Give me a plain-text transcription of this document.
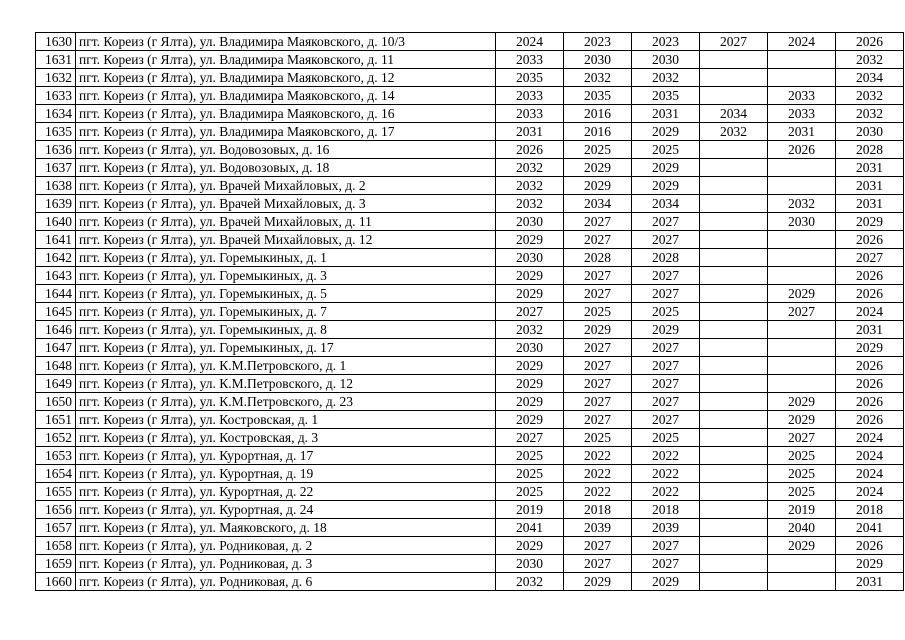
1630	пгт. Кореиз (г Ялта), ул. Владимира Маяковского, д. 10/3	2024	2023	2023	2027	2024	2026
1631	пгт. Кореиз (г Ялта), ул. Владимира Маяковского, д. 11	2033	2030	2030			2032
1632	пгт. Кореиз (г Ялта), ул. Владимира Маяковского, д. 12	2035	2032	2032			2034
1633	пгт. Кореиз (г Ялта), ул. Владимира Маяковского, д. 14	2033	2035	2035		2033	2032
1634	пгт. Кореиз (г Ялта), ул. Владимира Маяковского, д. 16	2033	2016	2031	2034	2033	2032
1635	пгт. Кореиз (г Ялта), ул. Владимира Маяковского, д. 17	2031	2016	2029	2032	2031	2030
1636	пгт. Кореиз (г Ялта), ул. Водовозовых, д. 16	2026	2025	2025		2026	2028
1637	пгт. Кореиз (г Ялта), ул. Водовозовых, д. 18	2032	2029	2029			2031
1638	пгт. Кореиз (г Ялта), ул. Врачей Михайловых, д. 2	2032	2029	2029			2031
1639	пгт. Кореиз (г Ялта), ул. Врачей Михайловых, д. 3	2032	2034	2034		2032	2031
1640	пгт. Кореиз (г Ялта), ул. Врачей Михайловых, д. 11	2030	2027	2027		2030	2029
1641	пгт. Кореиз (г Ялта), ул. Врачей Михайловых, д. 12	2029	2027	2027			2026
1642	пгт. Кореиз (г Ялта), ул. Горемыкиных, д. 1	2030	2028	2028			2027
1643	пгт. Кореиз (г Ялта), ул. Горемыкиных, д. 3	2029	2027	2027			2026
1644	пгт. Кореиз (г Ялта), ул. Горемыкиных, д. 5	2029	2027	2027		2029	2026
1645	пгт. Кореиз (г Ялта), ул. Горемыкиных, д. 7	2027	2025	2025		2027	2024
1646	пгт. Кореиз (г Ялта), ул. Горемыкиных, д. 8	2032	2029	2029			2031
1647	пгт. Кореиз (г Ялта), ул. Горемыкиных, д. 17	2030	2027	2027			2029
1648	пгт. Кореиз (г Ялта), ул. К.М.Петровского, д. 1	2029	2027	2027			2026
1649	пгт. Кореиз (г Ялта), ул. К.М.Петровского, д. 12	2029	2027	2027			2026
1650	пгт. Кореиз (г Ялта), ул. К.М.Петровского, д. 23	2029	2027	2027		2029	2026
1651	пгт. Кореиз (г Ялта), ул. Костровская, д. 1	2029	2027	2027		2029	2026
1652	пгт. Кореиз (г Ялта), ул. Костровская, д. 3	2027	2025	2025		2027	2024
1653	пгт. Кореиз (г Ялта), ул. Курортная, д. 17	2025	2022	2022		2025	2024
1654	пгт. Кореиз (г Ялта), ул. Курортная, д. 19	2025	2022	2022		2025	2024
1655	пгт. Кореиз (г Ялта), ул. Курортная, д. 22	2025	2022	2022		2025	2024
1656	пгт. Кореиз (г Ялта), ул. Курортная, д. 24	2019	2018	2018		2019	2018
1657	пгт. Кореиз (г Ялта), ул. Маяковского, д. 18	2041	2039	2039		2040	2041
1658	пгт. Кореиз (г Ялта), ул. Родниковая, д. 2	2029	2027	2027		2029	2026
1659	пгт. Кореиз (г Ялта), ул. Родниковая, д. 3	2030	2027	2027			2029
1660	пгт. Кореиз (г Ялта), ул. Родниковая, д. 6	2032	2029	2029			2031
